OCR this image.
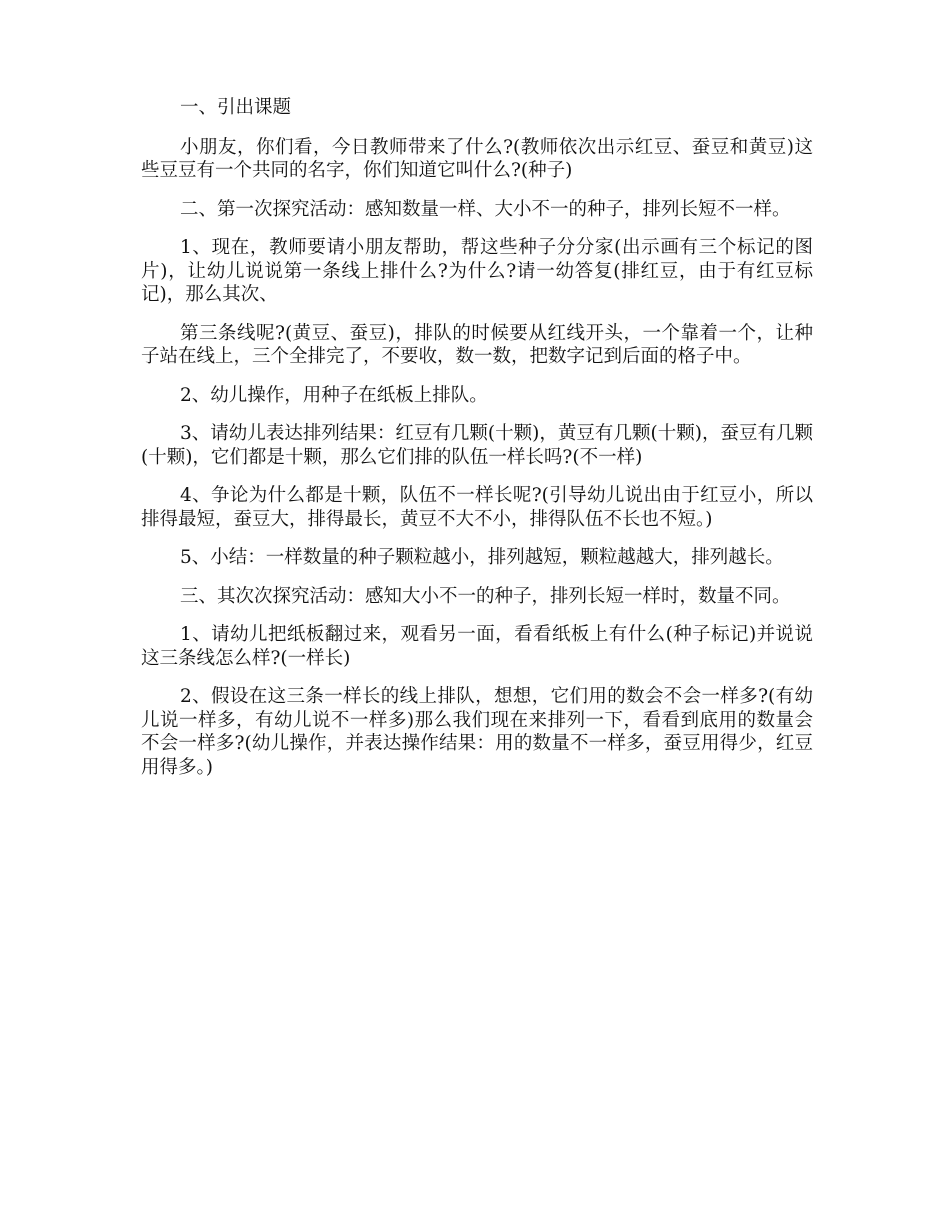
一、引出课题

小朋友，你们看，今日教师带来了什么?(教师依次出示红豆、蚕豆和黄豆)这些豆豆有一个共同的名字，你们知道它叫什么?(种子)

二、第一次探究活动：感知数量一样、大小不一的种子，排列长短不一样。

1、现在，教师要请小朋友帮助，帮这些种子分分家(出示画有三个标记的图片)，让幼儿说说第一条线上排什么?为什么?请一幼答复(排红豆，由于有红豆标记)，那么其次、

第三条线呢?(黄豆、蚕豆)，排队的时候要从红线开头，一个靠着一个，让种子站在线上，三个全排完了，不要收，数一数，把数字记到后面的格子中。

2、幼儿操作，用种子在纸板上排队。

3、请幼儿表达排列结果：红豆有几颗(十颗)，黄豆有几颗(十颗)，蚕豆有几颗(十颗)，它们都是十颗，那么它们排的队伍一样长吗?(不一样)

4、争论为什么都是十颗，队伍不一样长呢?(引导幼儿说出由于红豆小，所以排得最短，蚕豆大，排得最长，黄豆不大不小，排得队伍不长也不短。)

5、小结：一样数量的种子颗粒越小，排列越短，颗粒越越大，排列越长。

三、其次次探究活动：感知大小不一的种子，排列长短一样时，数量不同。

1、请幼儿把纸板翻过来，观看另一面，看看纸板上有什么(种子标记)并说说这三条线怎么样?(一样长)

2、假设在这三条一样长的线上排队，想想，它们用的数会不会一样多?(有幼儿说一样多，有幼儿说不一样多)那么我们现在来排列一下，看看到底用的数量会不会一样多?(幼儿操作，并表达操作结果：用的数量不一样多，蚕豆用得少，红豆用得多。)
